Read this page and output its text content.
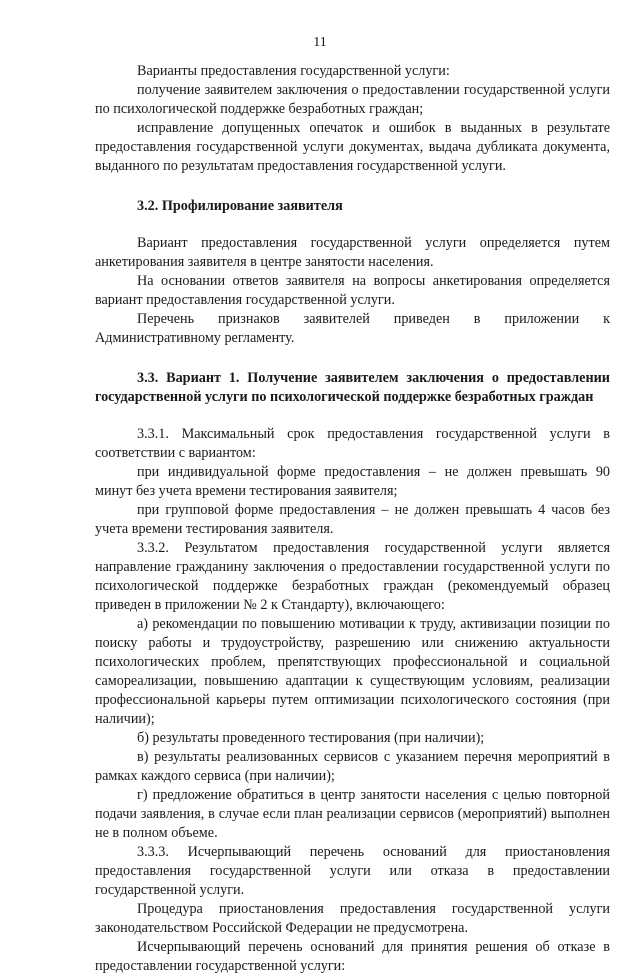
11

Варианты предоставления государственной услуги:

получение заявителем заключения о предоставлении государственной услуги по психологической поддержке безработных граждан;

исправление допущенных опечаток и ошибок в выданных в результате предоставления государственной услуги документах, выдача дубликата документа, выданного по результатам предоставления государственной услуги.

3.2. Профилирование заявителя

Вариант предоставления государственной услуги определяется путем анкетирования заявителя в центре занятости населения.

На основании ответов заявителя на вопросы анкетирования определяется вариант предоставления государственной услуги.

Перечень признаков заявителей приведен в приложении к Административному регламенту.

3.3. Вариант 1. Получение заявителем заключения о предоставлении государственной услуги по психологической поддержке безработных граждан

3.3.1. Максимальный срок предоставления государственной услуги в соответствии с вариантом:

при индивидуальной форме предоставления – не должен превышать 90 минут без учета времени тестирования заявителя;

при групповой форме предоставления – не должен превышать 4 часов без учета времени тестирования заявителя.

3.3.2. Результатом предоставления государственной услуги является направление гражданину заключения о предоставлении государственной услуги по психологической поддержке безработных граждан (рекомендуемый образец приведен в приложении № 2 к Стандарту), включающего:

а) рекомендации по повышению мотивации к труду, активизации позиции по поиску работы и трудоустройству, разрешению или снижению актуальности психологических проблем, препятствующих профессиональной и социальной самореализации, повышению адаптации к существующим условиям, реализации профессиональной карьеры путем оптимизации психологического состояния (при наличии);

б) результаты проведенного тестирования (при наличии);

в) результаты реализованных сервисов с указанием перечня мероприятий в рамках каждого сервиса (при наличии);

г) предложение обратиться в центр занятости населения с целью повторной подачи заявления, в случае если план реализации сервисов (мероприятий) выполнен не в полном объеме.

3.3.3. Исчерпывающий перечень оснований для приостановления предоставления государственной услуги или отказа в предоставлении государственной услуги.

Процедура приостановления предоставления государственной услуги законодательством Российской Федерации не предусмотрена.

Исчерпывающий перечень оснований для принятия решения об отказе в предоставлении государственной услуги:
